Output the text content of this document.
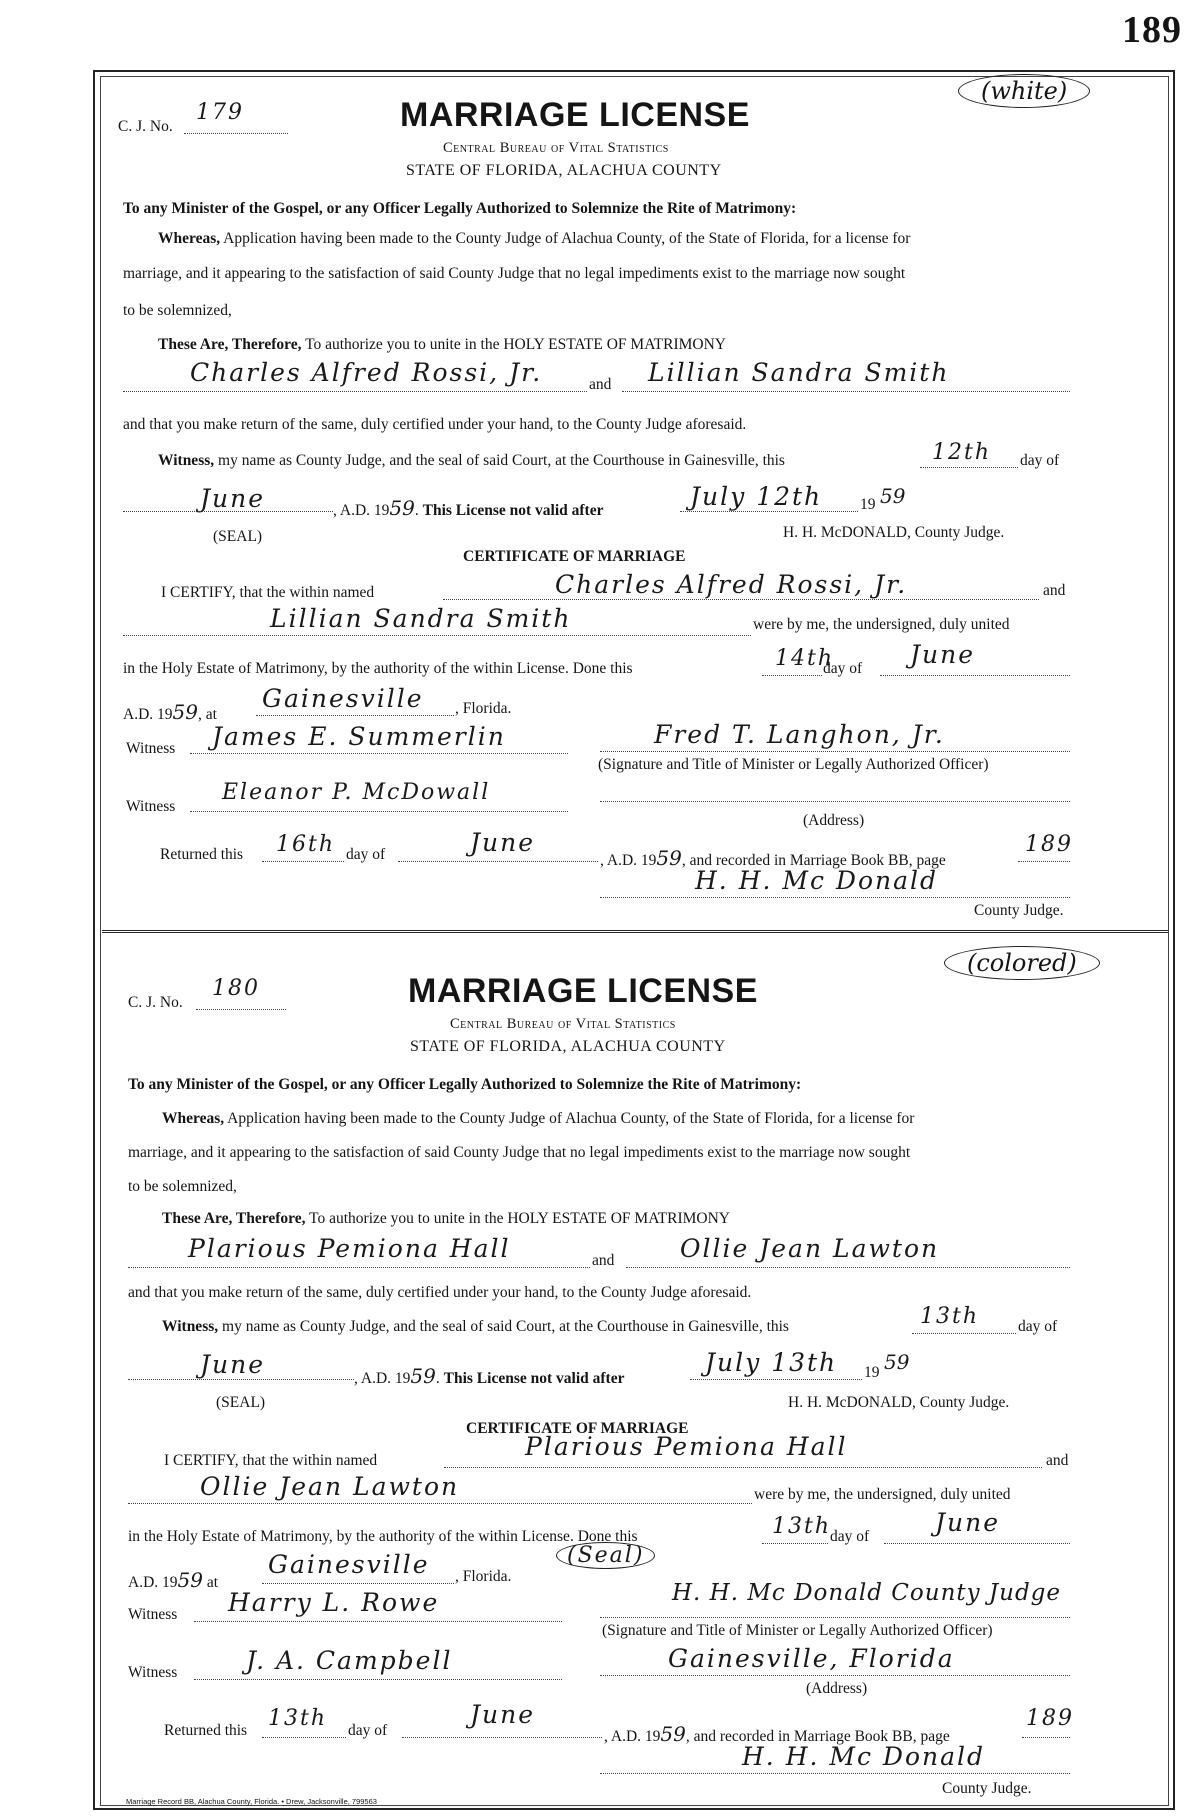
189
C. J. No.
179
(white)
MARRIAGE LICENSE
Central Bureau of Vital Statistics
STATE OF FLORIDA, ALACHUA COUNTY
To any Minister of the Gospel, or any Officer Legally Authorized to Solemnize the Rite of Matrimony:
Whereas, Application having been made to the County Judge of Alachua County, of the State of Florida, for a license for
marriage, and it appearing to the satisfaction of said County Judge that no legal impediments exist to the marriage now sought
to be solemnized,
These Are, Therefore, To authorize you to unite in the HOLY ESTATE OF MATRIMONY
Charles Alfred Rossi, Jr.	and Lillian Sandra Smith
and that you make return of the same, duly certified under your hand, to the County Judge aforesaid.
Witness, my name as County Judge, and the seal of said Court, at the Courthouse in Gainesville, this	12th day of
June	, A.D. 1959. This License not valid after	July 12th 19 59
(SEAL)	H. H. McDONALD, County Judge.
CERTIFICATE OF MARRIAGE
I CERTIFY, that the within named	Charles Alfred Rossi, Jr.	and
Lillian Sandra Smith	were by me, the undersigned, duly united
in the Holy Estate of Matrimony, by the authority of the within License. Done this	14th
day of June
A.D. 1959, at
Gainesville , Florida.
Witness James E. Summerlin	Fred T. Langhon, Jr.
(Signature and Title of Minister or Legally Authorized Officer)
Witness
Eleanor P. McDowall
(Address)
Returned this 16th day of	June
, A.D. 1959, and recorded in Marriage Book BB, page
189
H. H. Mc Donald
County Judge.
C. J. No.
180
(colored)
MARRIAGE LICENSE
Central Bureau of Vital Statistics
STATE OF FLORIDA, ALACHUA COUNTY
To any Minister of the Gospel, or any Officer Legally Authorized to Solemnize the Rite of Matrimony:
Whereas, Application having been made to the County Judge of Alachua County, of the State of Florida, for a license for
marriage, and it appearing to the satisfaction of said County Judge that no legal impediments exist to the marriage now sought
to be solemnized,
These Are, Therefore, To authorize you to unite in the HOLY ESTATE OF MATRIMONY
Plarious Pemiona Hall	and	Ollie Jean Lawton
and that you make return of the same, duly certified under your hand, to the County Judge aforesaid.
Witness, my name as County Judge, and the seal of said Court, at the Courthouse in Gainesville, this	13th	day of
June	, A.D. 1959. This License not valid after
July 13th 19 59
(SEAL)	H. H. McDONALD, County Judge.
CERTIFICATE OF MARRIAGE
I CERTIFY, that the within named	Plarious Pemiona Hall	and
Ollie Jean Lawton	were by me, the undersigned, duly united
in the Holy Estate of Matrimony, by the authority of the within License. Done this	13th
day of	June
A.D. 1959 at
Gainesville , Florida.
(Seal)
Witness Harry L. Rowe	H. H. Mc Donald County Judge
(Signature and Title of Minister or Legally Authorized Officer)
Witness	J. A. Campbell	Gainesville, Florida
(Address)
Returned this 13th day of
June
, A.D. 1959, and recorded in Marriage Book BB, page
189
H. H. Mc Donald
County Judge.
Marriage Record BB, Alachua County, Florida. • Drew, Jacksonville, 799563
